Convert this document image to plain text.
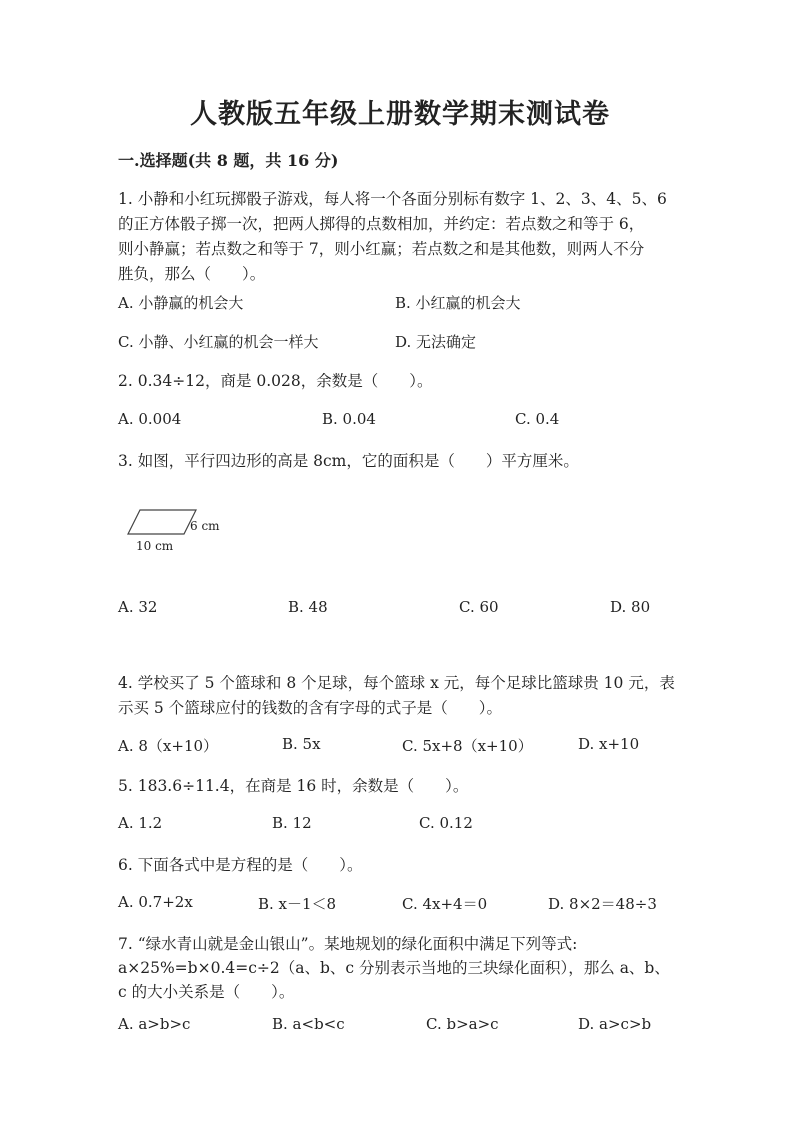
人教版五年级上册数学期末测试卷
一.选择题(共 8 题，共 16 分)
1. 小静和小红玩掷骰子游戏，每人将一个各面分别标有数字 1、2、3、4、5、6
的正方体骰子掷一次，把两人掷得的点数相加，并约定：若点数之和等于 6，
则小静赢；若点数之和等于 7，则小红赢；若点数之和是其他数，则两人不分
胜负，那么（　　）。
A. 小静赢的机会大	B. 小红赢的机会大
C. 小静、小红赢的机会一样大	D. 无法确定
2. 0.34÷12，商是 0.028，余数是（　　）。
A. 0.004	B. 0.04	C. 0.4
3. 如图，平行四边形的高是 8cm，它的面积是（　　）平方厘米。
6 cm
10 cm
A. 32	B. 48	C. 60	D. 80
4. 学校买了 5 个篮球和 8 个足球，每个篮球 x 元，每个足球比篮球贵 10 元，表
示买 5 个篮球应付的钱数的含有字母的式子是（　　）。
A. 8（x+10）	B. 5x	C. 5x+8（x+10）	D. x+10
5. 183.6÷11.4，在商是 16 时，余数是（　　）。
A. 1.2	B. 12	C. 0.12
6. 下面各式中是方程的是（　　）。
A. 0.7+2x	B. x－1＜8	C. 4x+4＝0	D. 8×2＝48÷3
7. “绿水青山就是金山银山”。某地规划的绿化面积中满足下列等式:
a×25%=b×0.4=c÷2（a、b、c 分别表示当地的三块绿化面积），那么 a、b、
c 的大小关系是（　　）。
A. a>b>c	B. a<b<c	C. b>a>c	D. a>c>b
